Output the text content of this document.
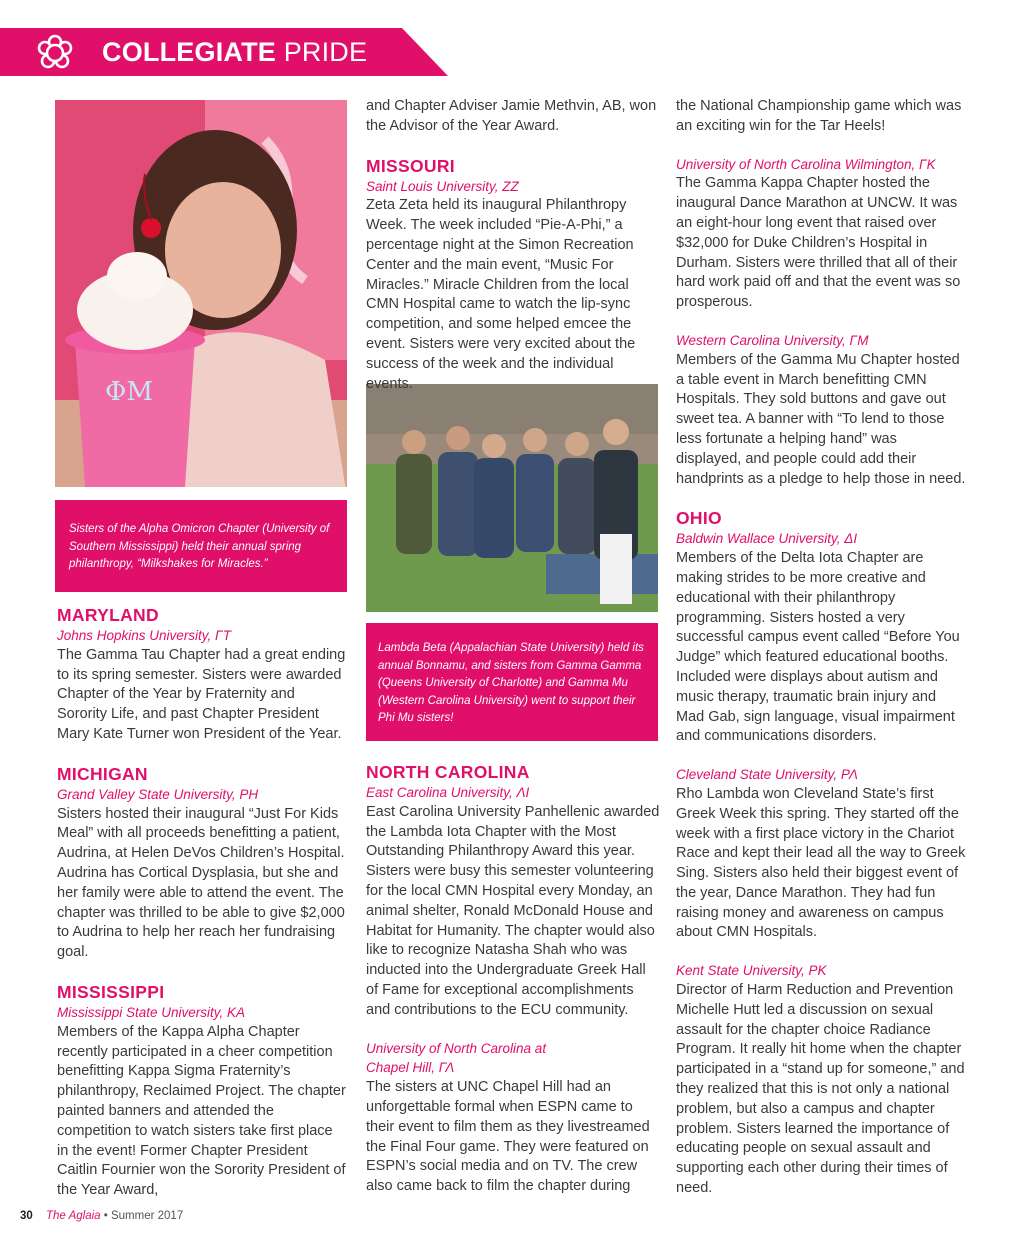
COLLEGIATE PRIDE
ΦΜ
Sisters of the Alpha Omicron Chapter (University of Southern Mississippi) held their annual spring philanthropy, “Milkshakes for Miracles.”
Lambda Beta (Appalachian State University) held its annual Bonnamu, and sisters from Gamma Gamma (Queens University of Charlotte) and Gamma Mu (Western Carolina University) went to support their Phi Mu sisters!

MARYLAND

Johns Hopkins University, ΓΤ

The Gamma Tau Chapter had a great ending to its spring semester. Sisters were awarded Chapter of the Year by Fraternity and Sorority Life, and past Chapter President Mary Kate Turner won President of the Year.

MICHIGAN

Grand Valley State University, ΡΗ

Sisters hosted their inaugural “Just For Kids Meal” with all proceeds benefitting a patient, Audrina, at Helen DeVos Children’s Hospital. Audrina has Cortical Dysplasia, but she and her family were able to attend the event. The chapter was thrilled to be able to give $2,000 to Audrina to help her reach her fundraising goal.

MISSISSIPPI

Mississippi State University, ΚΑ

Members of the Kappa Alpha Chapter recently participated in a cheer competition benefitting Kappa Sigma Fraternity’s philanthropy, Reclaimed Project. The chapter painted banners and attended the competition to watch sisters take first place in the event! Former Chapter President Caitlin Fournier won the Sorority President of the Year Award,

and Chapter Adviser Jamie Methvin, AB, won the Advisor of the Year Award.

MISSOURI

Saint Louis University, ΖΖ

Zeta Zeta held its inaugural Philanthropy Week. The week included “Pie-A-Phi,” a percentage night at the Simon Recreation Center and the main event, “Music For Miracles.” Miracle Children from the local CMN Hospital came to watch the lip-sync competition, and some helped emcee the event. Sisters were very excited about the success of the week and the individual events.

NORTH CAROLINA

East Carolina University, ΛΙ

East Carolina University Panhellenic awarded the Lambda Iota Chapter with the Most Outstanding Philanthropy Award this year. Sisters were busy this semester volunteering for the local CMN Hospital every Monday, an animal shelter, Ronald McDonald House and Habitat for Humanity. The chapter would also like to recognize Natasha Shah who was inducted into the Undergraduate Greek Hall of Fame for exceptional accomplishments and contributions to the ECU community.

University of North Carolina at

Chapel Hill, ΓΛ

The sisters at UNC Chapel Hill had an unforgettable formal when ESPN came to their event to film them as they livestreamed the Final Four game. They were featured on ESPN’s social media and on TV. The crew also came back to film the chapter during

the National Championship game which was an exciting win for the Tar Heels!

University of North Carolina Wilmington, ΓΚ

The Gamma Kappa Chapter hosted the inaugural Dance Marathon at UNCW. It was an eight-hour long event that raised over $32,000 for Duke Children’s Hospital in Durham. Sisters were thrilled that all of their hard work paid off and that the event was so prosperous.

Western Carolina University, ΓΜ

Members of the Gamma Mu Chapter hosted a table event in March benefitting CMN Hospitals. They sold buttons and gave out sweet tea. A banner with “To lend to those less fortunate a helping hand” was displayed, and people could add their handprints as a pledge to help those in need.

OHIO

Baldwin Wallace University, ΔΙ

Members of the Delta Iota Chapter are making strides to be more creative and educational with their philanthropy programming. Sisters hosted a very successful campus event called “Before You Judge” which featured educational booths. Included were displays about autism and music therapy, traumatic brain injury and Mad Gab, sign language, visual impairment and communications disorders.

Cleveland State University, ΡΛ

Rho Lambda won Cleveland State’s first Greek Week this spring. They started off the week with a first place victory in the Chariot Race and kept their lead all the way to Greek Sing. Sisters also held their biggest event of the year, Dance Marathon. They had fun raising money and awareness on campus about CMN Hospitals.

Kent State University, ΡΚ

Director of Harm Reduction and Prevention Michelle Hutt led a discussion on sexual assault for the chapter choice Radiance Program. It really hit home when the chapter participated in a “stand up for someone,” and they realized that this is not only a national problem, but also a campus and chapter problem. Sisters learned the importance of educating people on sexual assault and supporting each other during their times of need.

30 The Aglaia • Summer 2017
